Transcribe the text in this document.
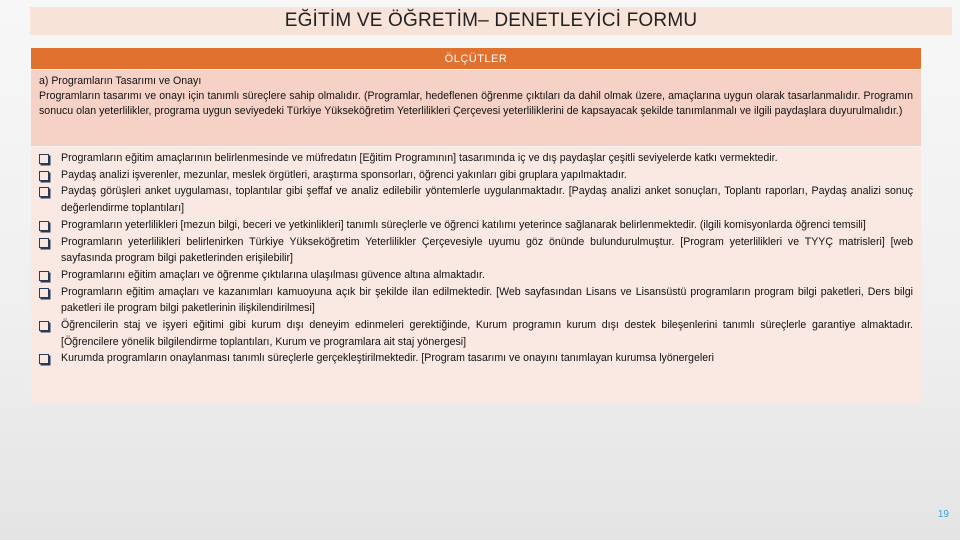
EĞİTİM VE ÖĞRETİM– DENETLEYİCİ FORMU
ÖLÇÜTLER
a) Programların Tasarımı ve Onayı
Programların tasarımı ve onayı için tanımlı süreçlere sahip olmalıdır. (Programlar, hedeflenen öğrenme çıktıları da dahil olmak üzere, amaçlarına uygun olarak tasarlanmalıdır. Programın sonucu olan yeterlilikler, programa uygun seviyedeki Türkiye Yükseköğretim Yeterlilikleri Çerçevesi yeterliliklerini de kapsayacak şekilde tanımlanmalı ve ilgili paydaşlara duyurulmalıdır.)
Programların eğitim amaçlarının belirlenmesinde ve müfredatın [Eğitim Programının] tasarımında iç ve dış paydaşlar çeşitli seviyelerde katkı vermektedir.
Paydaş analizi işverenler, mezunlar, meslek örgütleri, araştırma sponsorları, öğrenci yakınları gibi gruplara yapılmaktadır.
Paydaş görüşleri anket uygulaması, toplantılar gibi şeffaf ve analiz edilebilir yöntemlerle uygulanmaktadır. [Paydaş analizi anket sonuçları, Toplantı raporları, Paydaş analizi sonuç değerlendirme toplantıları]
Programların yeterlilikleri [mezun bilgi, beceri ve yetkinlikleri] tanımlı süreçlerle ve öğrenci katılımı yeterince sağlanarak belirlenmektedir. (ilgili komisyonlarda öğrenci temsili]
Programların yeterlilikleri belirlenirken Türkiye Yükseköğretim Yeterlilikler Çerçevesiyle uyumu göz önünde bulundurulmuştur. [Program yeterlilikleri ve TYYÇ matrisleri] [web sayfasında program bilgi paketlerinden erişilebilir]
Programlarını eğitim amaçları ve öğrenme çıktılarına ulaşılması güvence altına almaktadır.
Programların eğitim amaçları ve kazanımları kamuoyuna açık bir şekilde ilan edilmektedir. [Web sayfasından Lisans ve Lisansüstü programların program bilgi paketleri, Ders bilgi paketleri ile program bilgi paketlerinin ilişkilendirilmesi]
Öğrencilerin staj ve işyeri eğitimi gibi kurum dışı deneyim edinmeleri gerektiğinde, Kurum programın kurum dışı destek bileşenlerini tanımlı süreçlerle garantiye almaktadır. [Öğrencilere yönelik bilgilendirme toplantıları, Kurum ve programlara ait staj yönergesi]
Kurumda programların onaylanması tanımlı süreçlerle gerçekleştirilmektedir. [Program tasarımı ve onayını tanımlayan kurumsa lyönergeleri
19
